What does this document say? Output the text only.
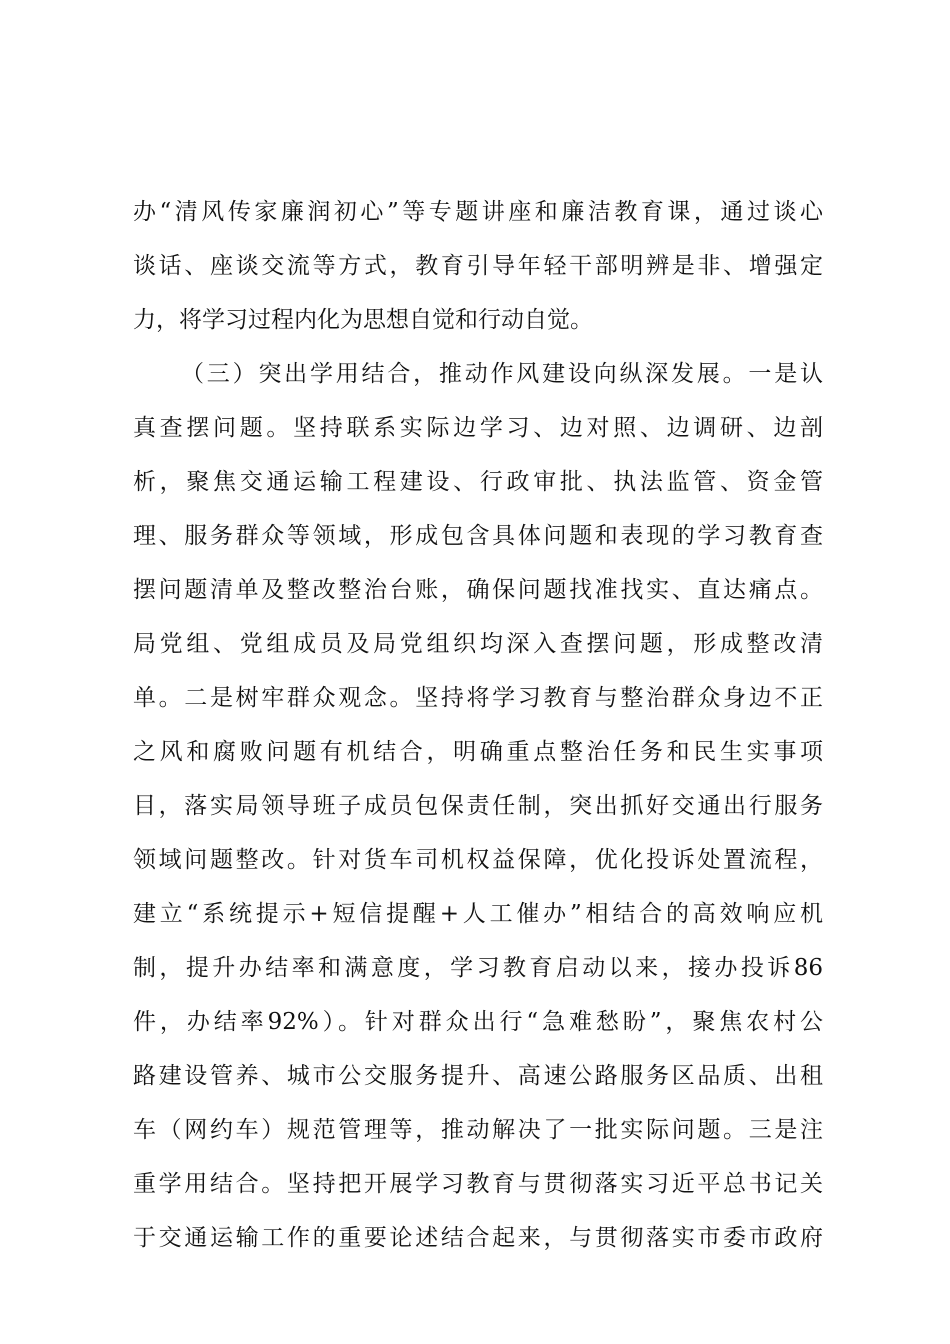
办“清风传家廉润初心”等专题讲座和廉洁教育课，通过谈心
谈话、座谈交流等方式，教育引导年轻干部明辨是非、增强定
力，将学习过程内化为思想自觉和行动自觉。
（三）突出学用结合，推动作风建设向纵深发展。一是认
真查摆问题。坚持联系实际边学习、边对照、边调研、边剖
析，聚焦交通运输工程建设、行政审批、执法监管、资金管
理、服务群众等领域，形成包含具体问题和表现的学习教育查
摆问题清单及整改整治台账，确保问题找准找实、直达痛点。
局党组、党组成员及局党组织均深入查摆问题，形成整改清
单。二是树牢群众观念。坚持将学习教育与整治群众身边不正
之风和腐败问题有机结合，明确重点整治任务和民生实事项
目，落实局领导班子成员包保责任制，突出抓好交通出行服务
领域问题整改。针对货车司机权益保障，优化投诉处置流程，
建立“系统提示+短信提醒+人工催办”相结合的高效响应机
制，提升办结率和满意度，学习教育启动以来，接办投诉86
件，办结率92%）。针对群众出行“急难愁盼”，聚焦农村公
路建设管养、城市公交服务提升、高速公路服务区品质、出租
车（网约车）规范管理等，推动解决了一批实际问题。三是注
重学用结合。坚持把开展学习教育与贯彻落实习近平总书记关
于交通运输工作的重要论述结合起来，与贯彻落实市委市政府
